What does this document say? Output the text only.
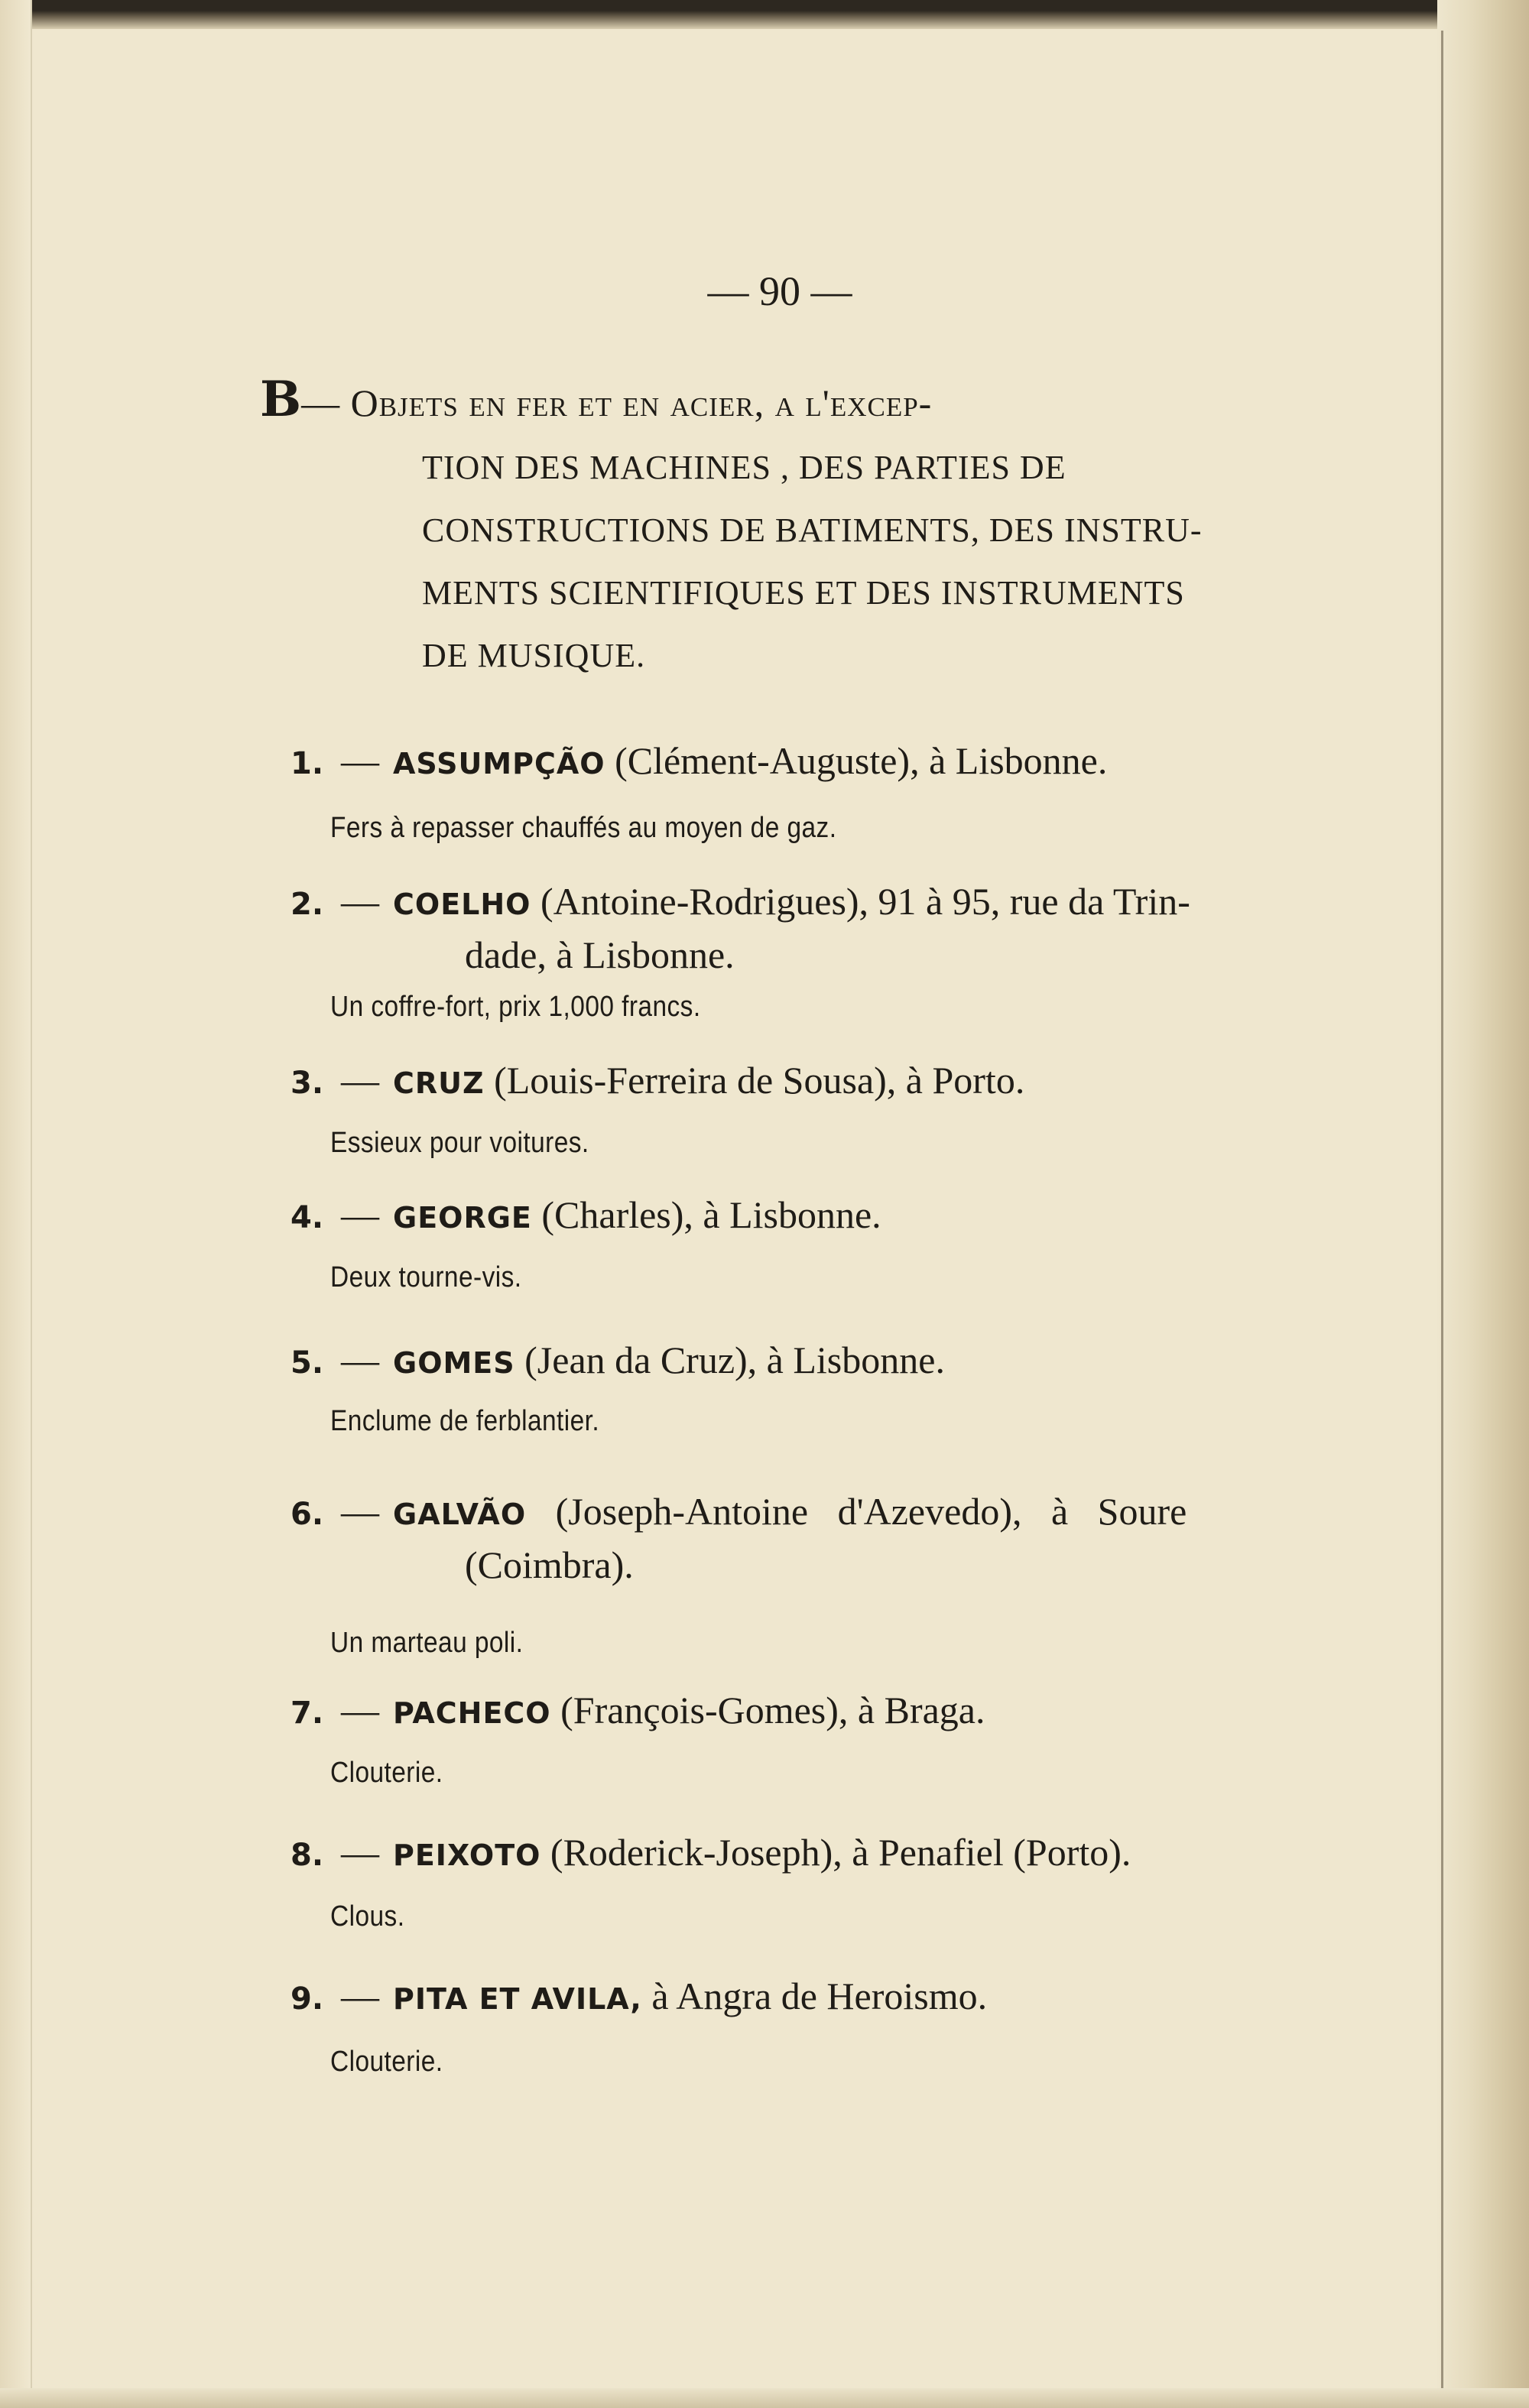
— 90 —
B— Objets en fer et en acier, a l'excep-
TION DES MACHINES , DES PARTIES DE
CONSTRUCTIONS DE BATIMENTS, DES INSTRU-
MENTS SCIENTIFIQUES ET DES INSTRUMENTS
DE MUSIQUE.
1. — ASSUMPÇÃO (Clément-Auguste), à Lisbonne.
Fers à repasser chauffés au moyen de gaz.
2. — COELHO (Antoine-Rodrigues), 91 à 95, rue da Trin-
dade, à Lisbonne.
Un coffre-fort, prix 1,000 francs.
3. — CRUZ (Louis-Ferreira de Sousa), à Porto.
Essieux pour voitures.
4. — GEORGE (Charles), à Lisbonne.
Deux tourne-vis.
5. — GOMES (Jean da Cruz), à Lisbonne.
Enclume de ferblantier.
6. — GALVÃO (Joseph-Antoine d'Azevedo), à Soure
(Coimbra).
Un marteau poli.
7. — PACHECO (François-Gomes), à Braga.
Clouterie.
8. — PEIXOTO (Roderick-Joseph), à Penafiel (Porto).
Clous.
9. — PITA ET AVILA, à Angra de Heroismo.
Clouterie.
